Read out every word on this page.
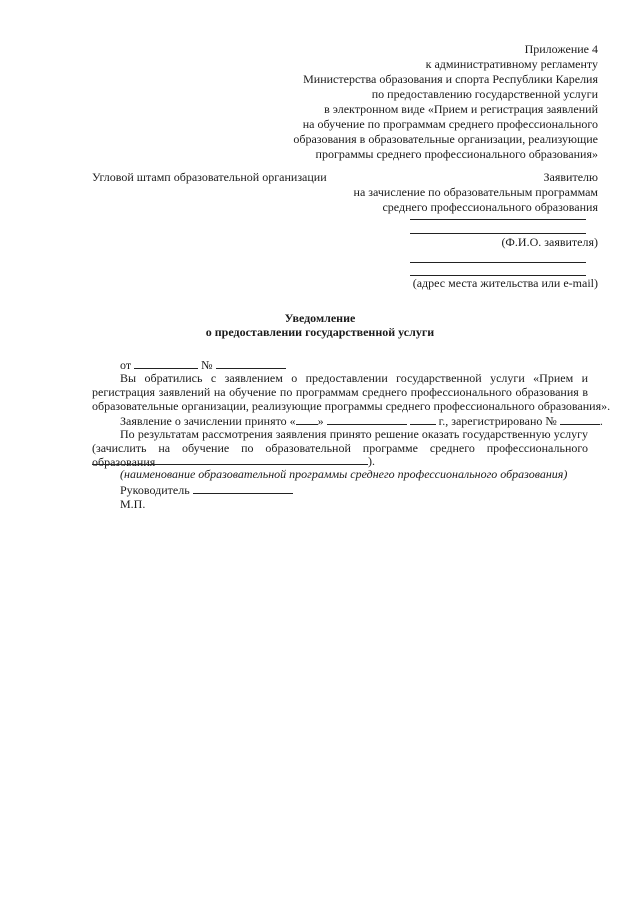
Приложение 4
к административному регламенту
Министерства образования и спорта Республики Карелия
по предоставлению государственной услуги
в электронном виде «Прием и регистрация заявлений
на обучение по программам среднего профессионального
образования в образовательные организации, реализующие
программы среднего профессионального образования»
Угловой штамп образовательной организации	Заявителю
на зачисление по образовательным программам
среднего профессионального образования
(Ф.И.О. заявителя)
(адрес места жительства или e-mail)
Уведомление
о предоставлении государственной услуги
от	№
Вы обратились с заявлением о предоставлении государственной услуги «Прием и
регистрация заявлений на обучение по программам среднего профессионального образования в
образовательные организации, реализующие программы среднего профессионального образования».
Заявление о зачислении принято « »	г., зарегистрировано №	.
По результатам рассмотрения заявления принято решение оказать государственную услугу
(зачислить на обучение по образовательной программе среднего профессионального образования	).
(наименование образовательной программы среднего профессионального образования)
Руководитель
М.П.
